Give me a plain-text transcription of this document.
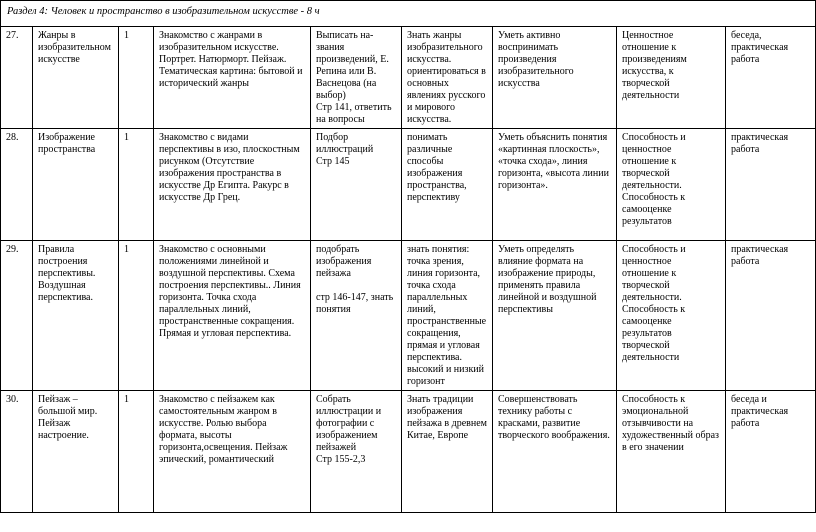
Раздел 4: Человек и пространство в изобразительном искусстве - 8 ч								
27.	Жанры в изобразительном искусстве	1	Знакомство с жанрами в изобразительном искусстве. Портрет. Натюрморт. Пейзаж. Тематическая картина: бытовой и исторический жанры	Выписать на-звания произведений, Е. Репина или В. Васнецова (на выбор)
Стр 141, ответить на вопросы	Знать жанры изобразительного искусства. ориентироваться в основных явлениях русского и мирового искусства.	Уметь активно воспринимать произведения изобразительного искусства	Ценностное отношение к произведениям искусства, к творческой деятельности	беседа, практическая работа
28.	Изображение пространства	1	Знакомство с видами перспективы в изо, плоскостным рисунком (Отсутствие изображения пространства в искусстве Др Египта. Ракурс в искусстве Др Грец.	Подбор иллюстраций
Стр 145	понимать различные способы изображения пространства, перспективу	Уметь объяснить понятия «картинная плоскость», «точка схода», линия горизонта, «высота линии горизонта».	Способность и ценностное отношение к творческой деятельности. Способность к самооценке результатов	практическая работа
29.	Правила построения перспективы. Воздушная перспектива.	1	Знакомство с основными положениями линейной и воздушной перспективы. Схема построения перспективы.. Линия горизонта. Точка схода параллельных линий, пространственные сокращения. Прямая и угловая перспектива.	подобрать изображения пейзажа

стр 146-147, знать понятия	знать понятия: точка зрения, линия горизонта, точка схода параллельных линий, пространственные сокращения, прямая и угловая перспектива. высокий и низкий горизонт	Уметь определять влияние формата на изображение природы, применять правила линейной и воздушной перспективы	Способность и ценностное отношение к творческой деятельности. Способность к самооценке результатов творческой деятельности	практическая работа
30.	Пейзаж – большой мир. Пейзаж настроение.	1	Знакомство с пейзажем как самостоятельным жанром в искусстве. Ролью выбора формата, высоты горизонта,освещения. Пейзаж эпический, романтический	Собрать иллюстрации и фотографии с изображением пейзажей
Стр 155-2,3	Знать традиции изображения пейзажа в древнем Китае, Европе	Совершенствовать технику работы с красками, развитие творческого воображения.	Способность к эмоциональной отзывчивости на художественный образ в его значении	беседа и практическая работа
